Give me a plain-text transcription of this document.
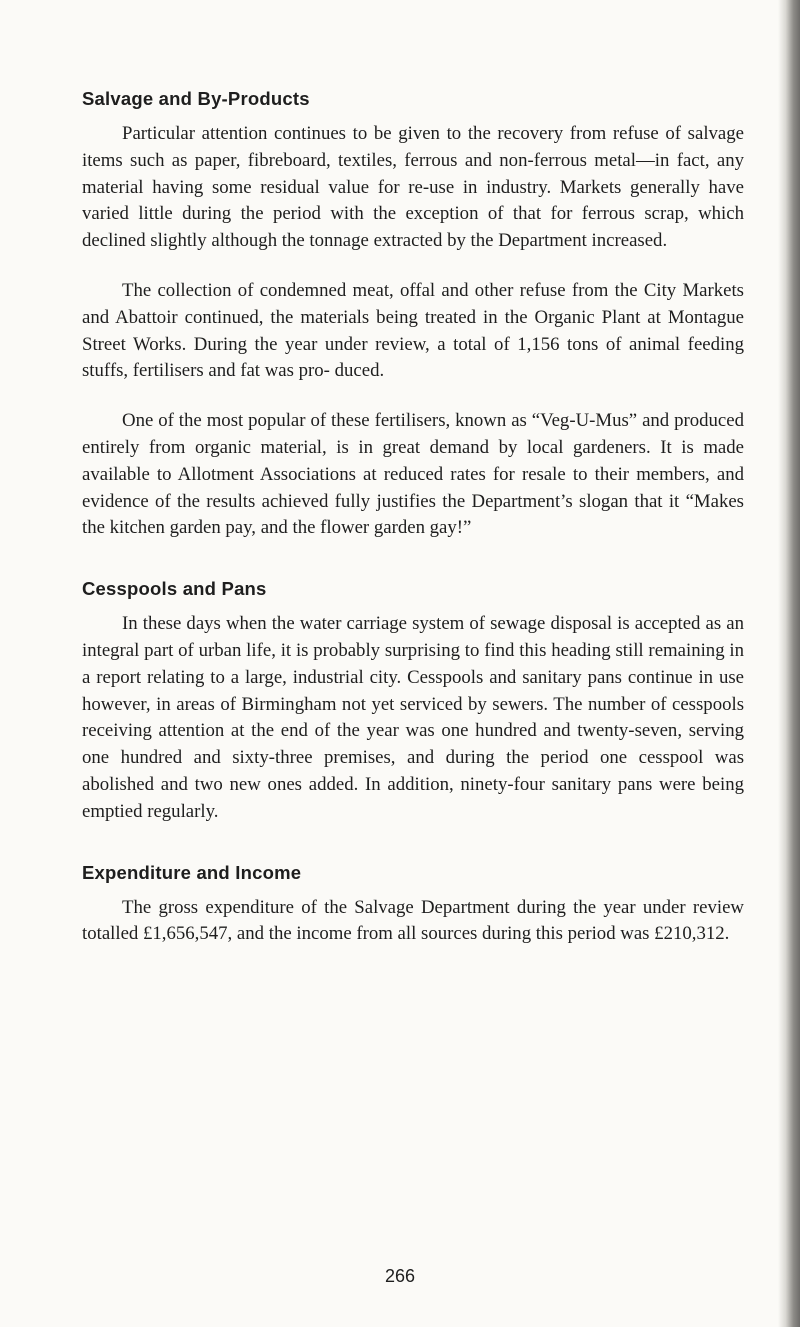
Salvage and By-Products

Particular attention continues to be given to the recovery from refuse of salvage items such as paper, fibreboard, textiles, ferrous and non-ferrous metal—in fact, any material having some residual value for re-use in industry. Markets generally have varied little during the period with the exception of that for ferrous scrap, which declined slightly although the tonnage extracted by the Department increased.

The collection of condemned meat, offal and other refuse from the City Markets and Abattoir continued, the materials being treated in the Organic Plant at Montague Street Works. During the year under review, a total of 1,156 tons of animal feeding stuffs, fertilisers and fat was pro- duced.

One of the most popular of these fertilisers, known as “Veg-U-Mus” and produced entirely from organic material, is in great demand by local gardeners. It is made available to Allotment Associations at reduced rates for resale to their members, and evidence of the results achieved fully justifies the Department’s slogan that it “Makes the kitchen garden pay, and the flower garden gay!”

Cesspools and Pans

In these days when the water carriage system of sewage disposal is accepted as an integral part of urban life, it is probably surprising to find this heading still remaining in a report relating to a large, industrial city. Cesspools and sanitary pans continue in use however, in areas of Birmingham not yet serviced by sewers. The number of cesspools receiving attention at the end of the year was one hundred and twenty-seven, serving one hundred and sixty-three premises, and during the period one cesspool was abolished and two new ones added. In addition, ninety-four sanitary pans were being emptied regularly.

Expenditure and Income

The gross expenditure of the Salvage Department during the year under review totalled £1,656,547, and the income from all sources during this period was £210,312.

266
